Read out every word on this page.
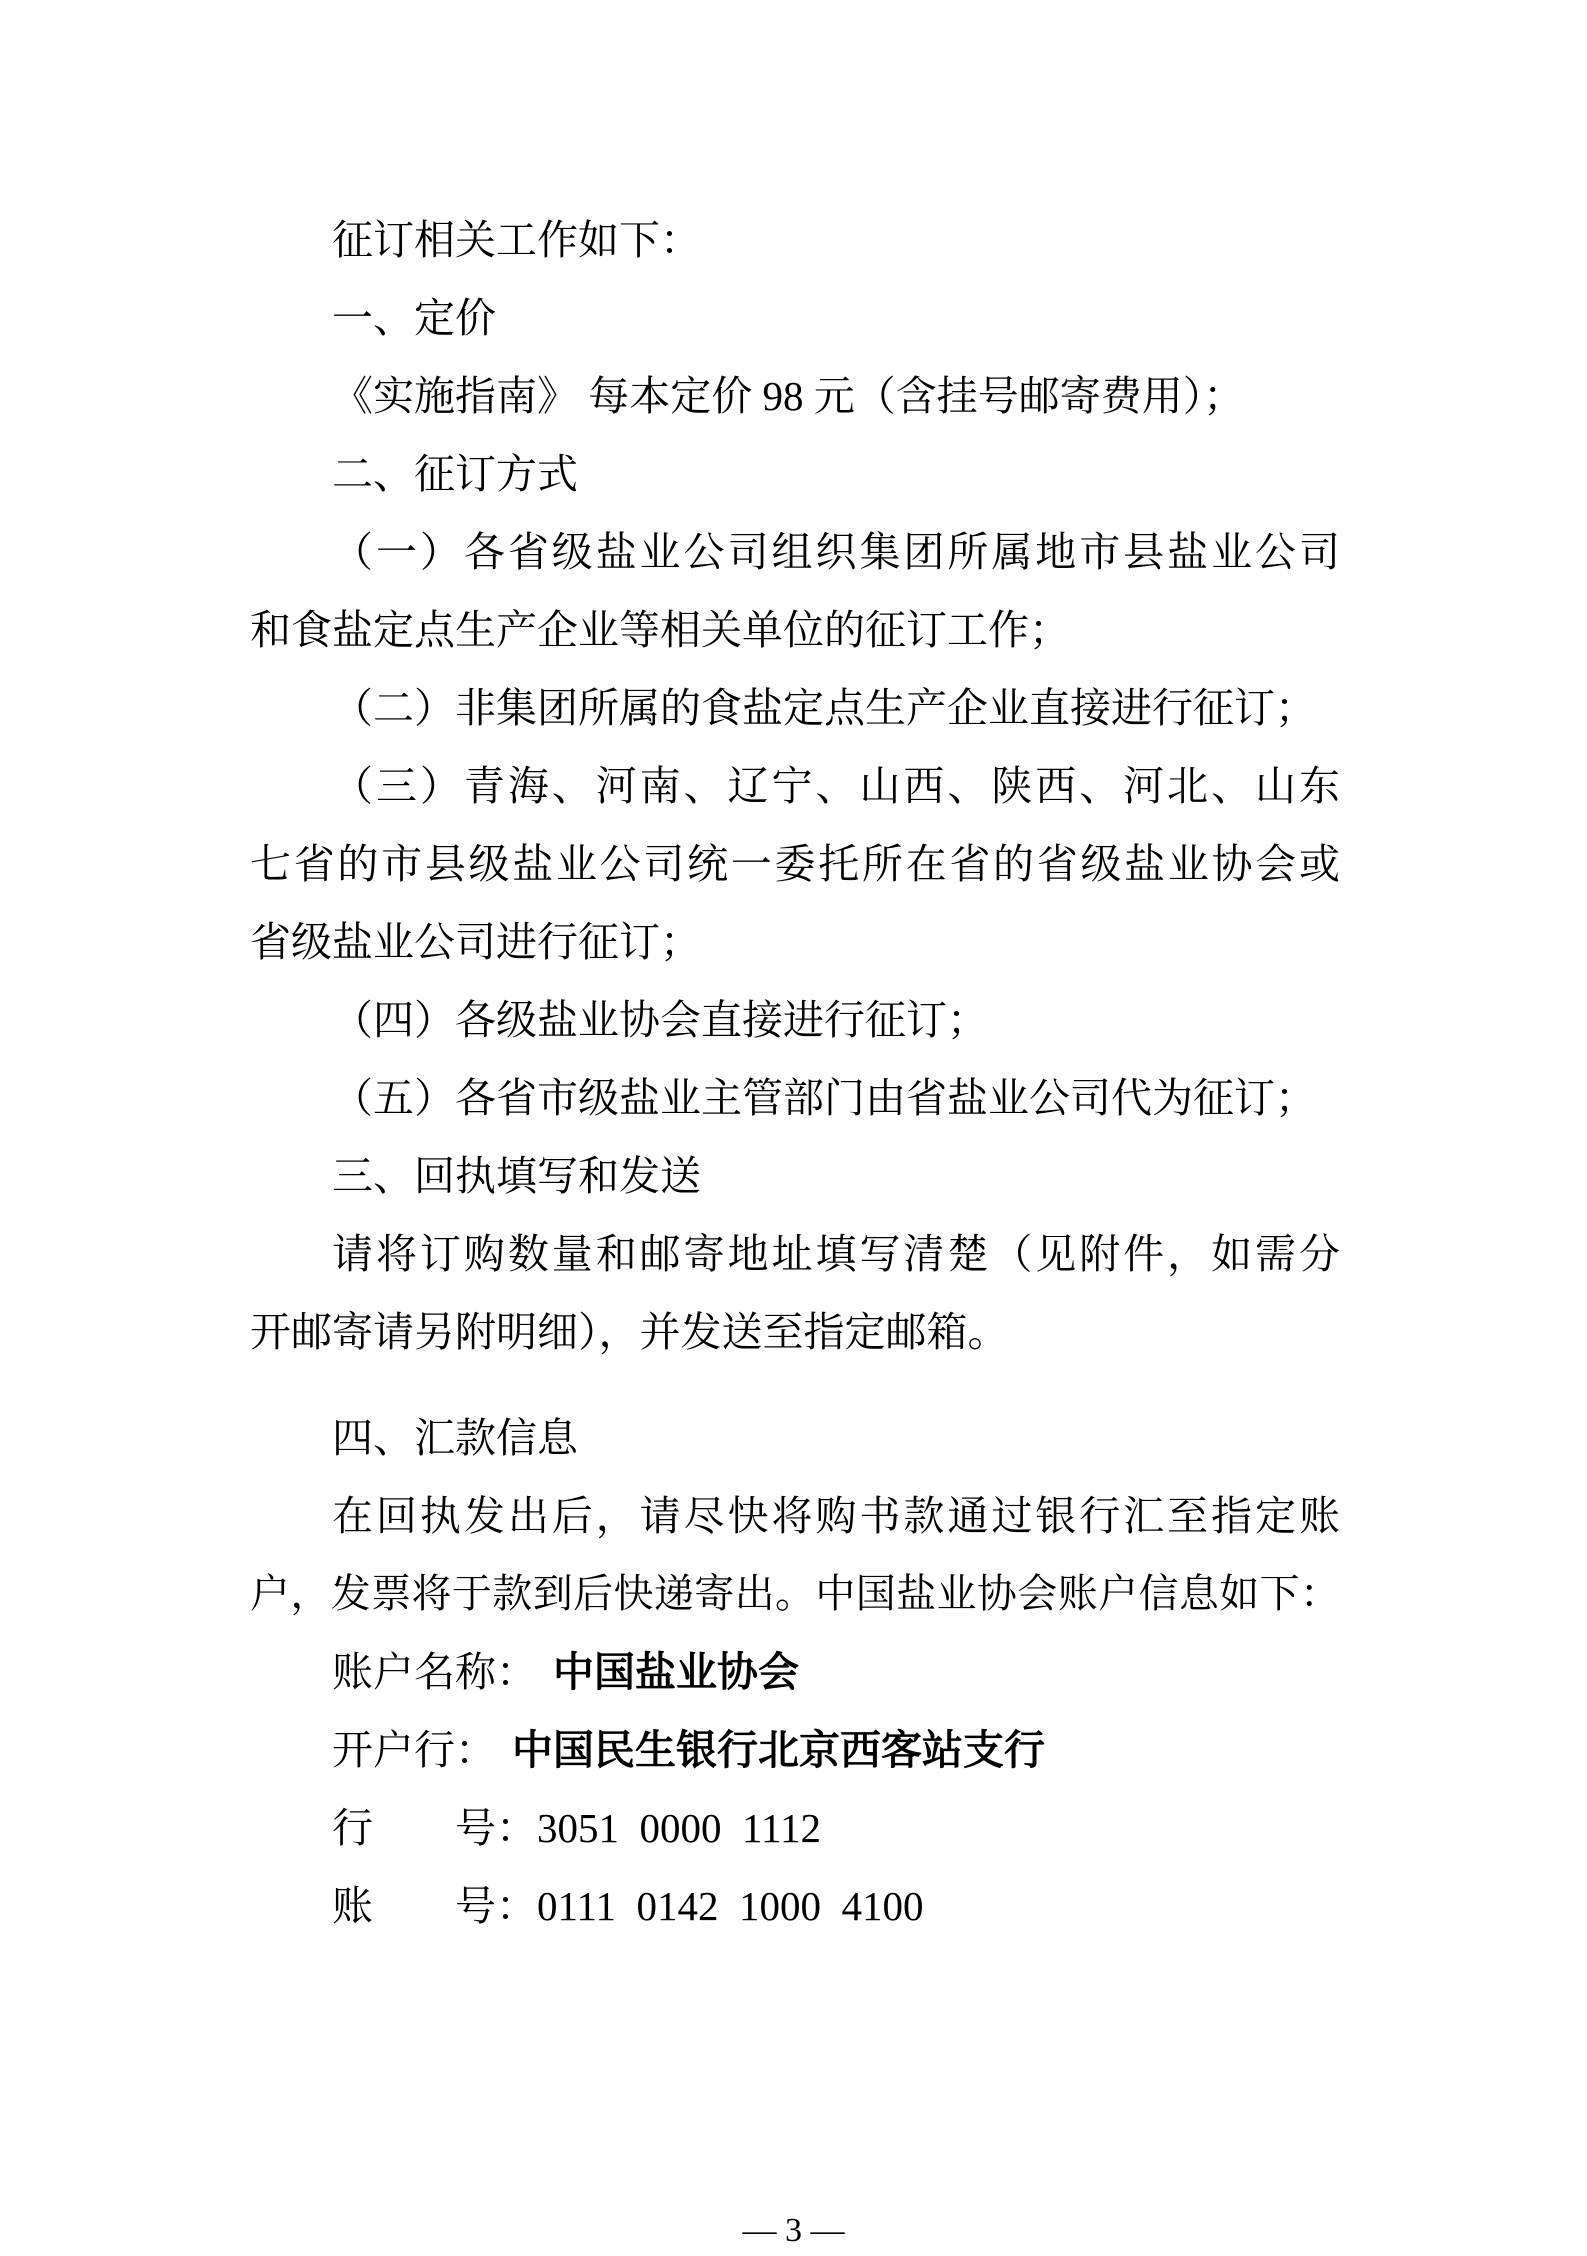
征订相关工作如下：
一、定价
《实施指南》 每本定价 98 元（含挂号邮寄费用）；
二、征订方式
（一）各省级盐业公司组织集团所属地市县盐业公司
和食盐定点生产企业等相关单位的征订工作；
（二）非集团所属的食盐定点生产企业直接进行征订；
（三）青海、河南、辽宁、山西、陕西、河北、山东
七省的市县级盐业公司统一委托所在省的省级盐业协会或
省级盐业公司进行征订；
（四）各级盐业协会直接进行征订；
（五）各省市级盐业主管部门由省盐业公司代为征订；
三、回执填写和发送
请将订购数量和邮寄地址填写清楚（见附件，如需分
开邮寄请另附明细），并发送至指定邮箱。
四、汇款信息
在回执发出后，请尽快将购书款通过银行汇至指定账
户，发票将于款到后快递寄出。中国盐业协会账户信息如下：
账户名称： 中国盐业协会
开户行： 中国民生银行北京西客站支行
行　　号：3051  0000  1112
账　　号：0111  0142  1000  4100
— 3 —
